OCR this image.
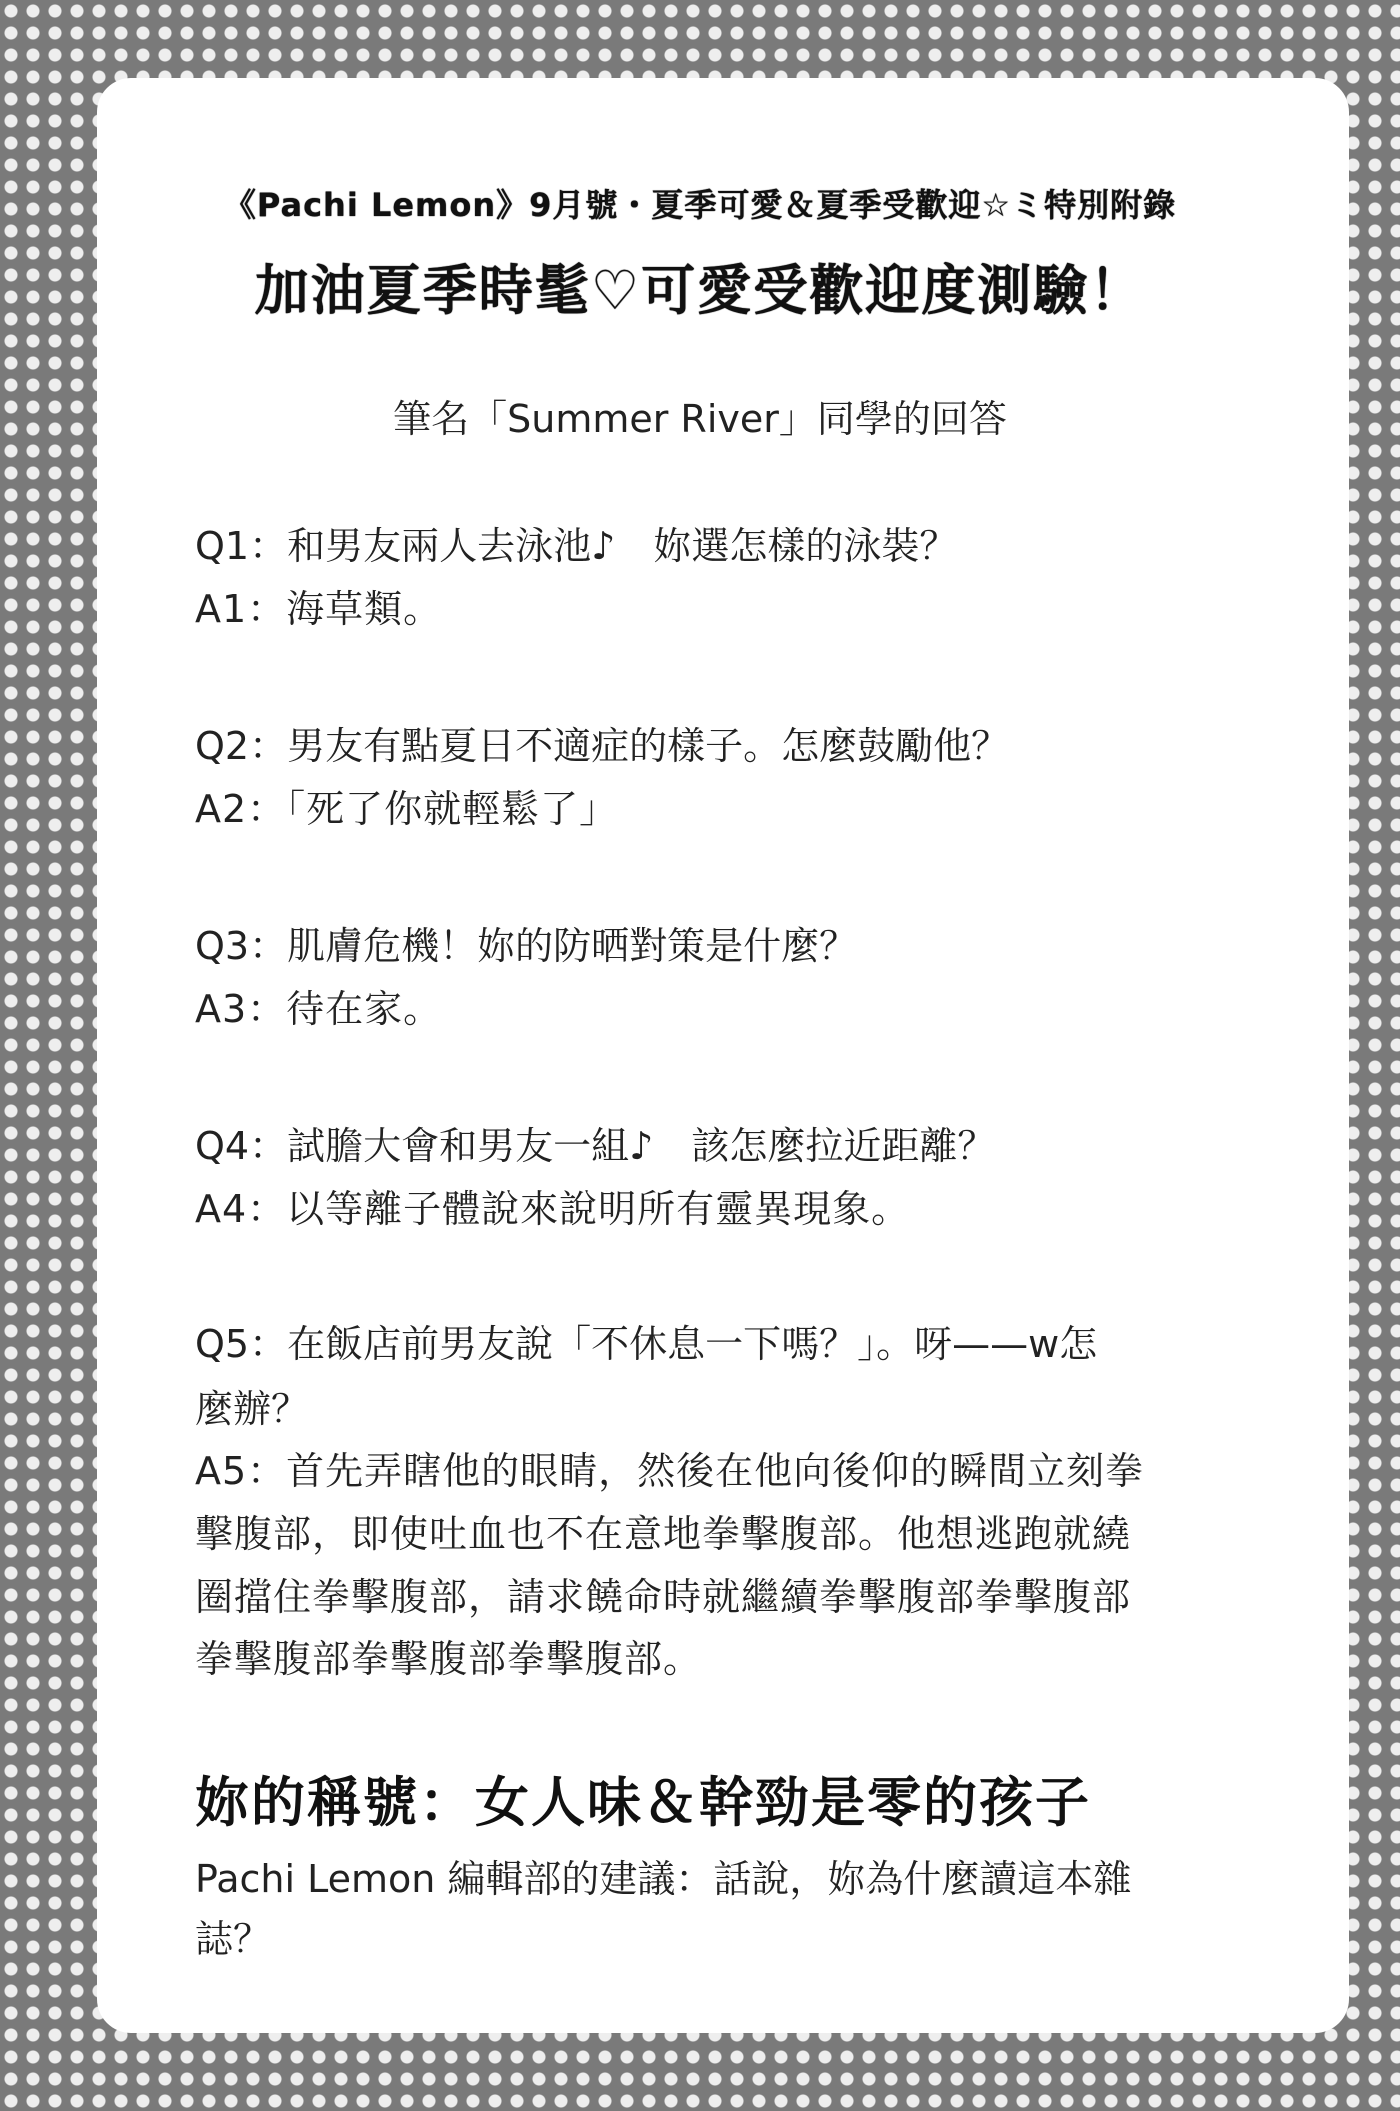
《Pachi Lemon》9月號・夏季可愛＆夏季受歡迎☆ミ特別附錄
加油夏季時髦♡可愛受歡迎度測驗！
筆名「Summer River」同學的回答
Q1：和男友兩人去泳池♪　妳選怎樣的泳裝？
A1：海草類。
Q2：男友有點夏日不適症的樣子。怎麼鼓勵他？
A2：「死了你就輕鬆了」
Q3：肌膚危機！妳的防晒對策是什麼？
A3：待在家。
Q4：試膽大會和男友一組♪　該怎麼拉近距離？
A4：以等離子體說來說明所有靈異現象。
Q5：在飯店前男友說「不休息一下嗎？」。呀——w怎
麼辦？
A5：首先弄瞎他的眼睛，然後在他向後仰的瞬間立刻拳
擊腹部，即使吐血也不在意地拳擊腹部。他想逃跑就繞
圈擋住拳擊腹部，請求饒命時就繼續拳擊腹部拳擊腹部
拳擊腹部拳擊腹部拳擊腹部。
妳的稱號：女人味＆幹勁是零的孩子
Pachi Lemon 編輯部的建議：話說，妳為什麼讀這本雜
誌？
